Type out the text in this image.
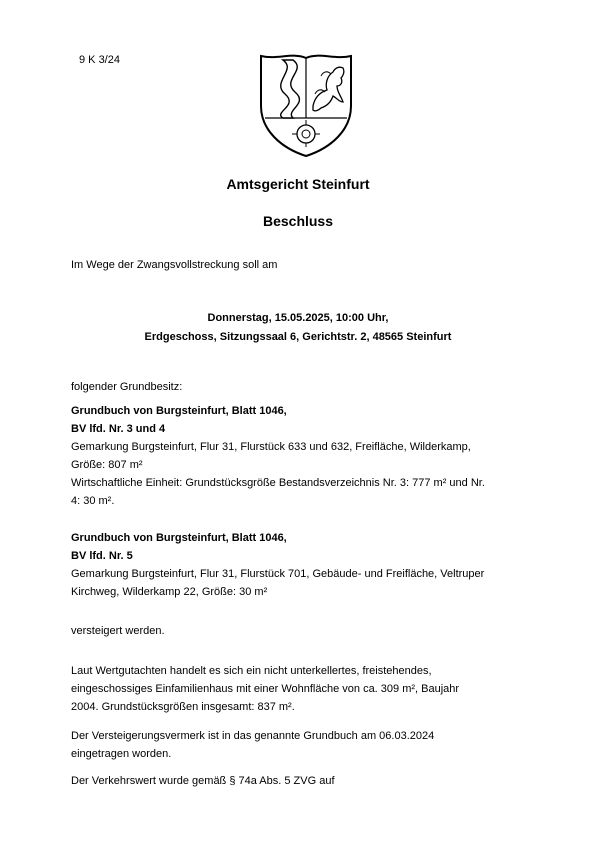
9 K 3/24
Amtsgericht Steinfurt
Beschluss

Im Wege der Zwangsvollstreckung soll am

Donnerstag, 15.05.2025, 10:00 Uhr,
Erdgeschoss, Sitzungssaal 6, Gerichtstr. 2, 48565 Steinfurt

folgender Grundbesitz:

Grundbuch von Burgsteinfurt, Blatt 1046,
BV lfd. Nr. 3 und 4
Gemarkung Burgsteinfurt, Flur 31, Flurstück 633 und 632, Freifläche, Wilderkamp,
Größe: 807 m²
Wirtschaftliche Einheit: Grundstücksgröße Bestandsverzeichnis Nr. 3: 777 m² und Nr.
4: 30 m².
Grundbuch von Burgsteinfurt, Blatt 1046,
BV lfd. Nr. 5
Gemarkung Burgsteinfurt, Flur 31, Flurstück 701, Gebäude- und Freifläche, Veltruper
Kirchweg, Wilderkamp 22, Größe: 30 m²

versteigert werden.

Laut Wertgutachten handelt es sich ein nicht unterkellertes, freistehendes,
eingeschossiges Einfamilienhaus mit einer Wohnfläche von ca. 309 m², Baujahr
2004. Grundstücksgrößen insgesamt: 837 m².
Der Versteigerungsvermerk ist in das genannte Grundbuch am 06.03.2024
eingetragen worden.

Der Verkehrswert wurde gemäß § 74a Abs. 5 ZVG auf
